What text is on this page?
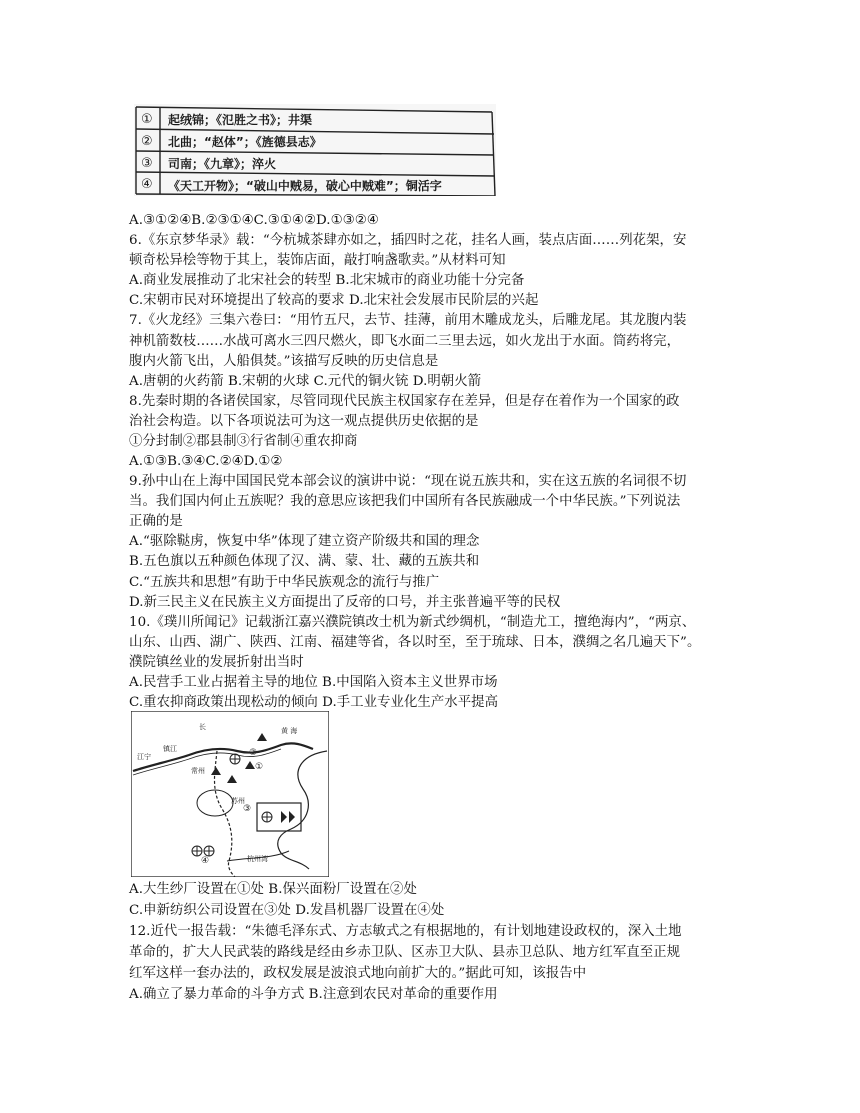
① 起绒锦；《氾胜之书》；井渠
② 北曲；“赵体”；《旌德县志》
③ 司南；《九章》；淬火
④ 《天工开物》；“破山中贼易，破心中贼难”；铜活字
A.③①②④B.②③①④C.③①④②D.①③②④
6.《东京梦华录》载：“今杭城茶肆亦如之，插四时之花，挂名人画，装点店面……列花架，安
顿奇松异桧等物于其上，装饰店面，敲打响盏歌卖。”从材料可知
A.商业发展推动了北宋社会的转型 B.北宋城市的商业功能十分完备
C.宋朝市民对环境提出了较高的要求 D.北宋社会发展市民阶层的兴起
7.《火龙经》三集六卷曰：“用竹五尺，去节、挂薄，前用木雕成龙头，后雕龙尾。其龙腹内装
神机箭数枝……水战可离水三四尺燃火，即飞水面二三里去远，如火龙出于水面。筒药将完，
腹内火箭飞出，人船俱焚。”该描写反映的历史信息是
A.唐朝的火药箭 B.宋朝的火球 C.元代的铜火铳 D.明朝火箭
8.先秦时期的各诸侯国家，尽管同现代民族主权国家存在差异，但是存在着作为一个国家的政
治社会构造。以下各项说法可为这一观点提供历史依据的是
①分封制②郡县制③行省制④重农抑商
A.①③B.③④C.②④D.①②
9.孙中山在上海中国国民党本部会议的演讲中说：“现在说五族共和，实在这五族的名词很不切
当。我们国内何止五族呢？我的意思应该把我们中国所有各民族融成一个中华民族。”下列说法
正确的是
A.“驱除鞑虏，恢复中华”体现了建立资产阶级共和国的理念
B.五色旗以五种颜色体现了汉、满、蒙、壮、藏的五族共和
C.“五族共和思想”有助于中华民族观念的流行与推广
D.新三民主义在民族主义方面提出了反帝的口号，并主张普遍平等的民权
10.《璞川所闻记》记载浙江嘉兴濮院镇改士机为新式纱绸机，“制造尤工，擅绝海内”，“两京、
山东、山西、湖广、陕西、江南、福建等省，各以时至，至于琉球、日本，濮绸之名几遍天下”。
濮院镇丝业的发展折射出当时
A.民营手工业占据着主导的地位 B.中国陷入资本主义世界市场
C.重农抑商政策出现松动的倾向 D.手工业专业化生产水平提高
长
江宁
镇江
常州
苏州
黄 海
杭州湾
①
②
③
④
A.大生纱厂设置在①处 B.保兴面粉厂设置在②处
C.申新纺织公司设置在③处 D.发昌机器厂设置在④处
12.近代一报告载：“朱德毛泽东式、方志敏式之有根据地的，有计划地建设政权的，深入土地
革命的，扩大人民武装的路线是经由乡赤卫队、区赤卫大队、县赤卫总队、地方红军直至正规
红军这样一套办法的，政权发展是波浪式地向前扩大的。”据此可知，该报告中
A.确立了暴力革命的斗争方式 B.注意到农民对革命的重要作用
